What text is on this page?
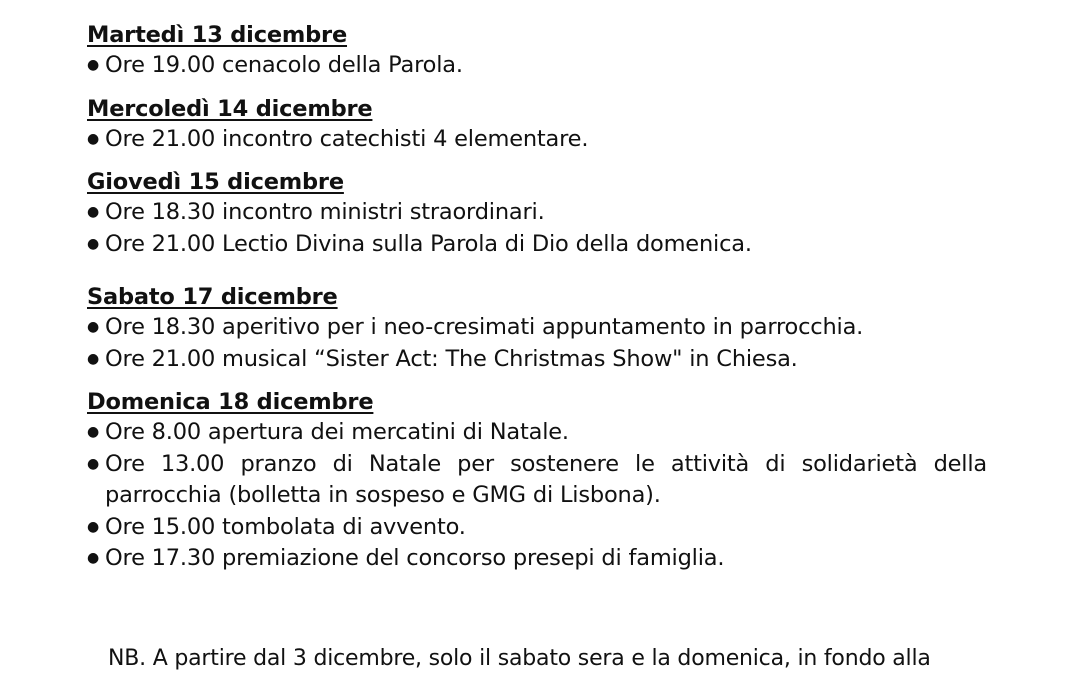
Martedì 13 dicembre
● Ore 19.00 cenacolo della Parola.
Mercoledì 14 dicembre
● Ore 21.00 incontro catechisti 4 elementare.
Giovedì 15 dicembre
● Ore 18.30 incontro ministri straordinari.
● Ore 21.00 Lectio Divina sulla Parola di Dio della domenica.
Sabato 17 dicembre
● Ore 18.30 aperitivo per i neo-cresimati appuntamento in parrocchia.
● Ore 21.00 musical “Sister Act: The Christmas Show" in Chiesa.
Domenica 18 dicembre
● Ore 8.00 apertura dei mercatini di Natale.
● Ore 13.00 pranzo di Natale per sostenere le attività di solidarietà della parrocchia (bolletta in sospeso e GMG di Lisbona).
● Ore 15.00 tombolata di avvento.
● Ore 17.30 premiazione del concorso presepi di famiglia.
NB. A partire dal 3 dicembre, solo il sabato sera e la domenica, in fondo alla
